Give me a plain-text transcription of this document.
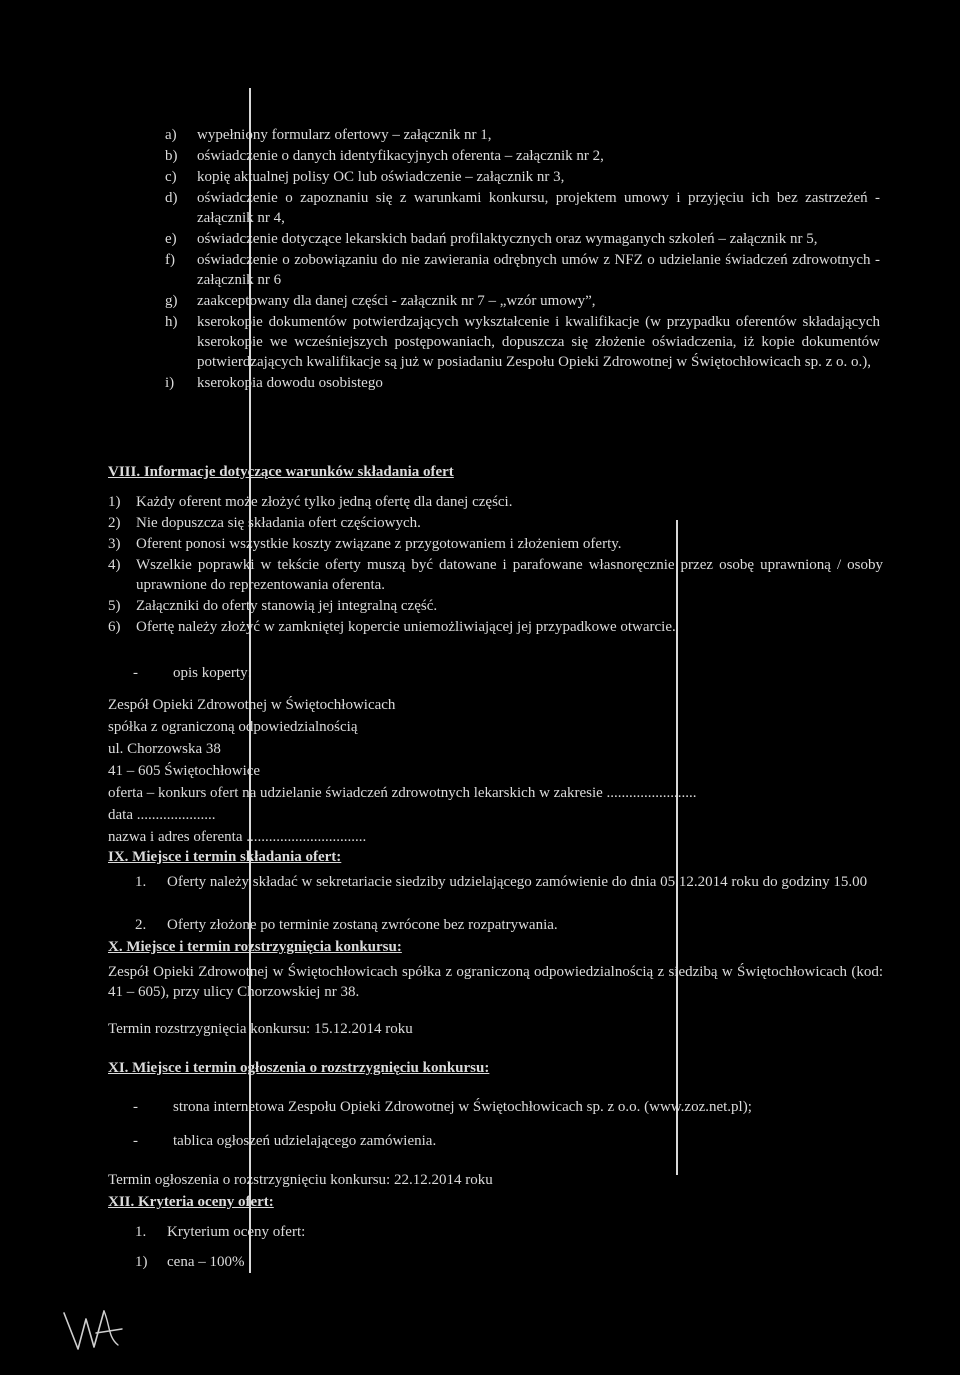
a) wypełniony formularz ofertowy – załącznik nr 1,
b) oświadczenie o danych identyfikacyjnych oferenta – załącznik nr 2,
c) kopię aktualnej polisy OC lub oświadczenie – załącznik nr 3,
d) oświadczenie o zapoznaniu się z warunkami konkursu, projektem umowy i przyjęciu ich bez zastrzeżeń - załącznik nr 4,
e) oświadczenie dotyczące lekarskich badań profilaktycznych oraz wymaganych szkoleń – załącznik nr 5,
f) oświadczenie o zobowiązaniu do nie zawierania odrębnych umów z NFZ o udzielanie świadczeń zdrowotnych - załącznik nr 6
g) zaakceptowany dla danej części - załącznik nr 7 – „wzór umowy”,
h) kserokopie dokumentów potwierdzających wykształcenie i kwalifikacje (w przypadku oferentów składających kserokopie we wcześniejszych postępowaniach, dopuszcza się złożenie oświadczenia, iż kopie dokumentów potwierdzających kwalifikacje są już w posiadaniu Zespołu Opieki Zdrowotnej w Świętochłowicach sp. z o. o.),
i) kserokopia dowodu osobistego
VIII. Informacje dotyczące warunków składania ofert
1) Każdy oferent może złożyć tylko jedną ofertę dla danej części.
2) Nie dopuszcza się składania ofert częściowych.
3) Oferent ponosi wszystkie koszty związane z przygotowaniem i złożeniem oferty.
4) Wszelkie poprawki w tekście oferty muszą być datowane i parafowane własnoręcznie przez osobę uprawnioną / osoby uprawnione do reprezentowania oferenta.
5) Załączniki do oferty stanowią jej integralną część.
6) Ofertę należy złożyć w zamkniętej kopercie uniemożliwiającej jej przypadkowe otwarcie.
- opis koperty:
Zespół Opieki Zdrowotnej w Świętochłowicach
spółka z ograniczoną odpowiedzialnością
ul. Chorzowska 38
41 – 605 Świętochłowice
oferta – konkurs ofert na udzielanie świadczeń zdrowotnych lekarskich w zakresie ........................
data .....................
nazwa i adres oferenta ................................
IX. Miejsce i termin składania ofert:
1. Oferty należy składać w sekretariacie siedziby udzielającego zamówienie do dnia 05.12.2014 roku do godziny 15.00
2. Oferty złożone po terminie zostaną zwrócone bez rozpatrywania.
X. Miejsce i termin rozstrzygnięcia konkursu:
Zespół Opieki Zdrowotnej w Świętochłowicach spółka z ograniczoną odpowiedzialnością z siedzibą w Świętochłowicach (kod: 41 – 605), przy ulicy Chorzowskiej nr 38.
Termin rozstrzygnięcia konkursu: 15.12.2014 roku
XI. Miejsce i termin ogłoszenia o rozstrzygnięciu konkursu:
- strona internetowa Zespołu Opieki Zdrowotnej w Świętochłowicach sp. z o.o. (www.zoz.net.pl);
- tablica ogłoszeń udzielającego zamówienia.
Termin ogłoszenia o rozstrzygnięciu konkursu: 22.12.2014 roku
XII. Kryteria oceny ofert:
1. Kryterium oceny ofert:
1) cena – 100%
